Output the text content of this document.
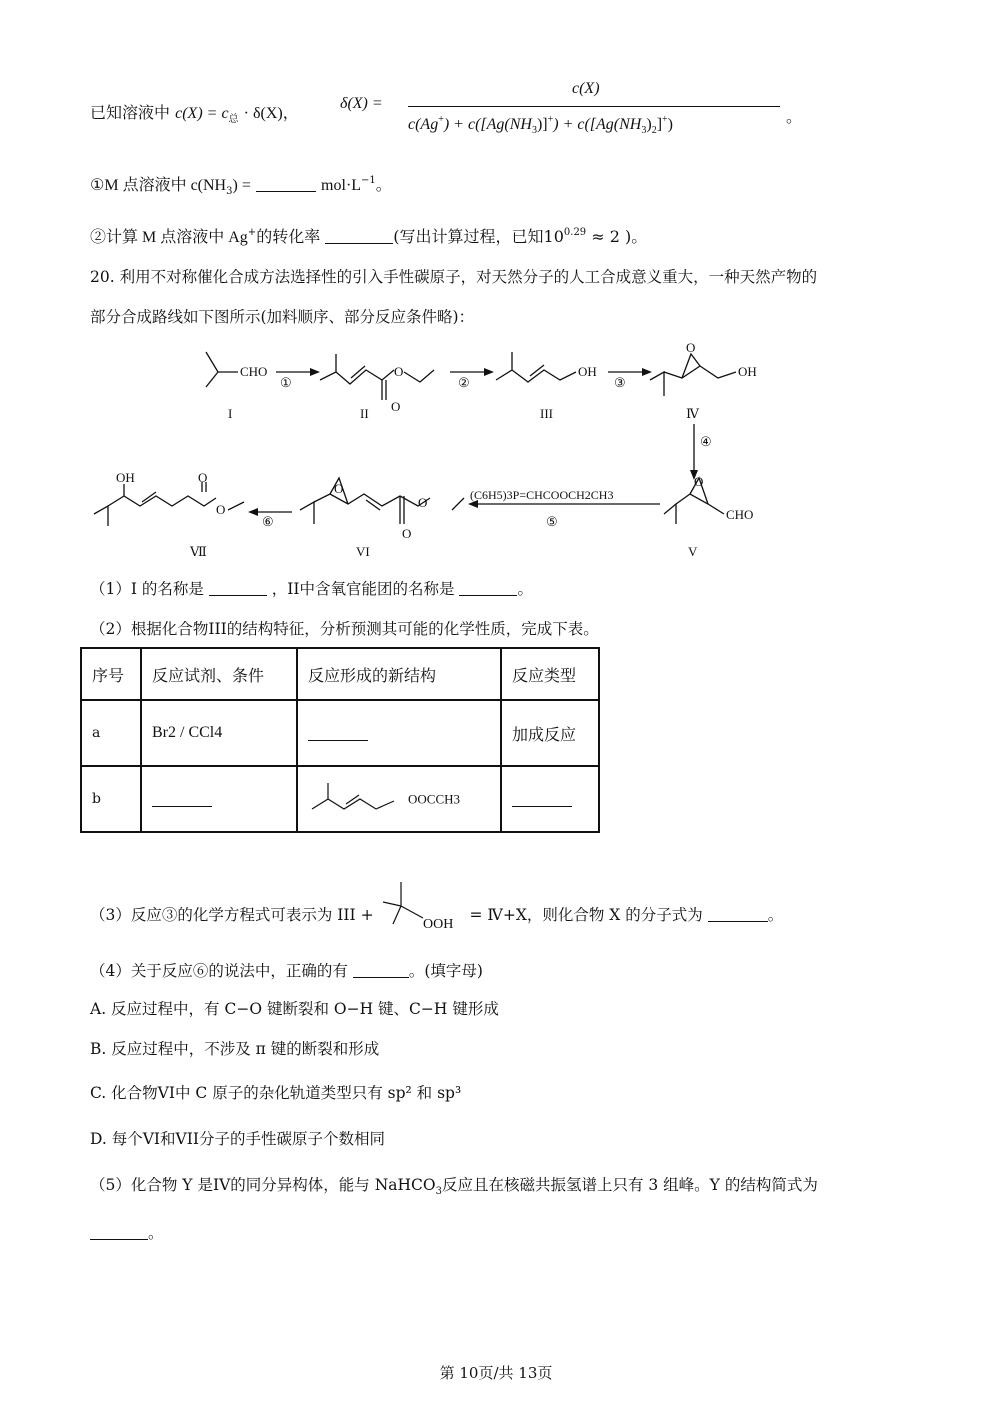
已知溶液中 $c(X) = c_总 \cdot \delta(X)$，
δ(X) =
c(X)
$c(Ag^+) + c([Ag(NH_3)]^+) + c([Ag(NH_3)_2]^+)$	。
①M 点溶液中 $c(NH_3)$ =	$mol\cdot L^{-1}$。
②计算 M 点溶液中 Ag+的转化率	(写出计算过程，已知$10^{0.29} \approx 2$ )。
20. 利用不对称催化合成方法选择性的引入手性碳原子，对天然分子的人工合成意义重大，一种天然产物的
部分合成路线如下图所示(加料顺序、部分反应条件略)：
CHO
①
O
O
②
OH
③
O
OH
④
O
CHO
(C6H5)3P=CHCOOCH2CH3
⑤
O
O
O
⑥
OH	O
O
I	II	III	Ⅳ
V
VI
Ⅶ
（1）I 的名称是	，II中含氧官能团的名称是	。
（2）根据化合物III的结构特征，分析预测其可能的化学性质，完成下表。
序号	反应试剂、条件	反应形成的新结构	反应类型
a	Br2 / CCl4		加成反应
b		OOCCH3	
（3）反应③的化学方程式可表示为 III +
OOH
= Ⅳ+X，则化合物 X 的分子式为	。
（4）关于反应⑥的说法中，正确的有	。(填字母)
A. 反应过程中，有 C−O 键断裂和 O−H 键、C−H 键形成
B. 反应过程中，不涉及 π 键的断裂和形成
C. 化合物VI中 C 原子的杂化轨道类型只有 sp² 和 sp³
D. 每个VI和VII分子的手性碳原子个数相同
（5）化合物 Y 是IV的同分异构体，能与 NaHCO$_3$反应且在核磁共振氢谱上只有 3 组峰。Y 的结构简式为
。
第 10页/共 13页
